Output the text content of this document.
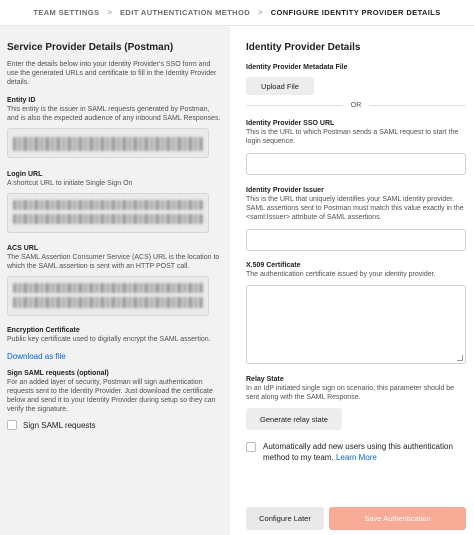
TEAM SETTINGS > EDIT AUTHENTICATION METHOD > CONFIGURE IDENTITY PROVIDER DETAILS
Service Provider Details (Postman)

Enter the details below into your Identity Provider's SSO form and use the generated URLs and certificate to fill in the Identity Provider details.

Entity ID
This entity is the issuer in SAML requests generated by Postman, and is also the expected audience of any inbound SAML Responses.
Login URL
A shortcut URL to initiate Single Sign On
ACS URL
The SAML Assertion Consumer Service (ACS) URL is the location to which the SAML assertion is sent with an HTTP POST call.
Encryption Certificate
Public key certificate used to digitally encrypt the SAML assertion.
Download as file
Sign SAML requests (optional)
For an added layer of security, Postman will sign authentication requests sent to the Identity Provider. Just download the certificate below and send it to your Identity Provider during setup so they can verify the signature.
Sign SAML requests
Identity Provider Details
Identity Provider Metadata File
Upload File
OR
Identity Provider SSO URL
This is the URL to which Postman sends a SAML request to start the login sequence.
Identity Provider Issuer
This is the URL that uniquely identifies your SAML identity provider. SAML assertions sent to Postman must match this value exactly in the <saml:Issuer> attribute of SAML assertions.
X.509 Certificate
The authentication certificate issued by your identity provider.
Relay State
In an IdP initiated single sign on scenario, this parameter should be sent along with the SAML Response.
Generate relay state
Automatically add new users using this authentication method to my team. Learn More
Configure Later	Save Authentication
